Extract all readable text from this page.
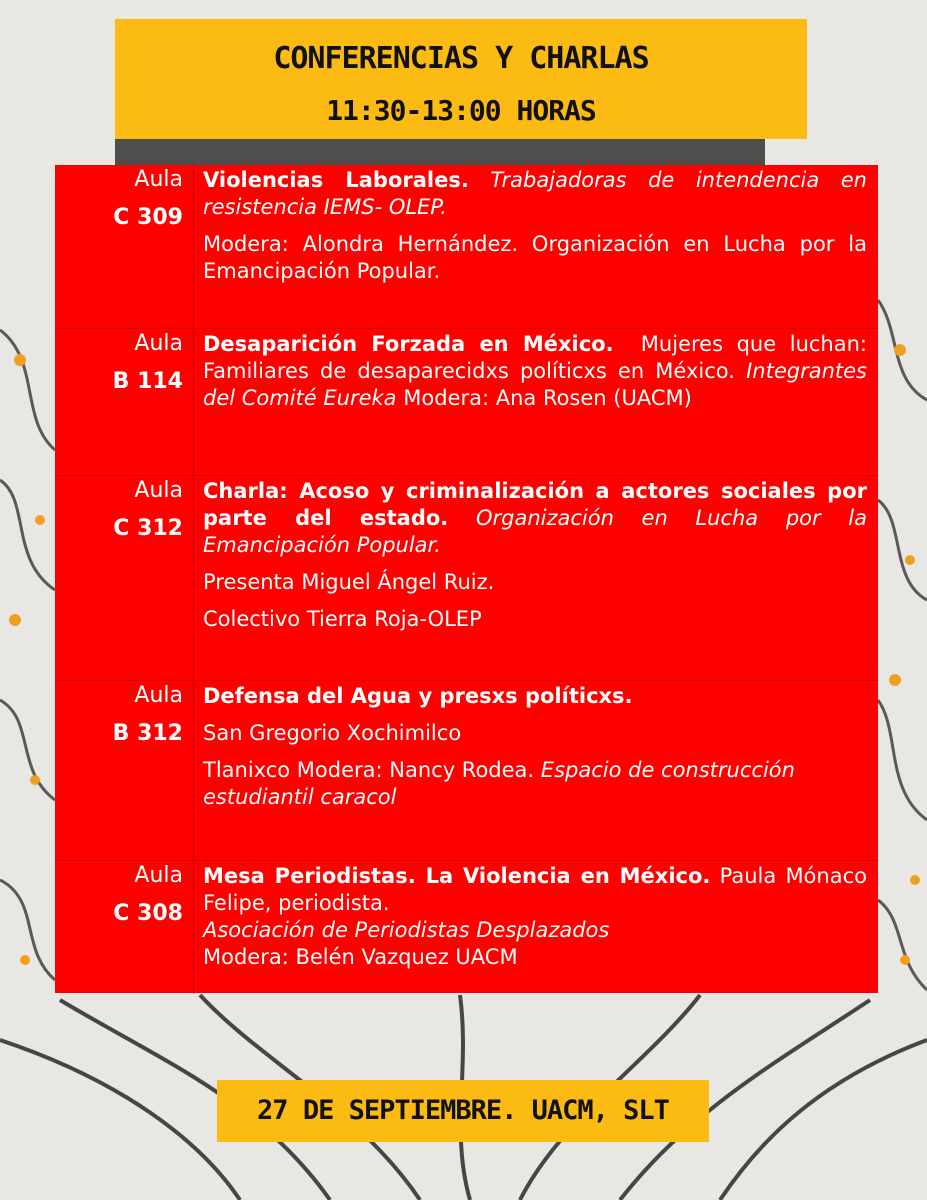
CONFERENCIAS Y CHARLAS
11:30-13:00 HORAS
Aula
C 309

Violencias Laborales. Trabajadoras de intendencia en resistencia IEMS- OLEP.

Modera: Alondra Hernández. Organización en Lucha por la Emancipación Popular.

Aula
B 114

Desaparición Forzada en México. Mujeres que luchan: Familiares de desaparecidxs políticxs en México. Integrantes del Comité Eureka Modera: Ana Rosen (UACM)

Aula
C 312

Charla: Acoso y criminalización a actores sociales por parte del estado. Organización en Lucha por la Emancipación Popular.

Presenta Miguel Ángel Ruiz.

Colectivo Tierra Roja-OLEP

Aula
B 312

Defensa del Agua y presxs políticxs.

San Gregorio Xochimilco

Tlanixco Modera: Nancy Rodea. Espacio de construcción estudiantil caracol

Aula
C 308

Mesa Periodistas. La Violencia en México. Paula Mónaco Felipe, periodista.

Asociación de Periodistas Desplazados

Modera: Belén Vazquez UACM

27 DE SEPTIEMBRE. UACM, SLT
